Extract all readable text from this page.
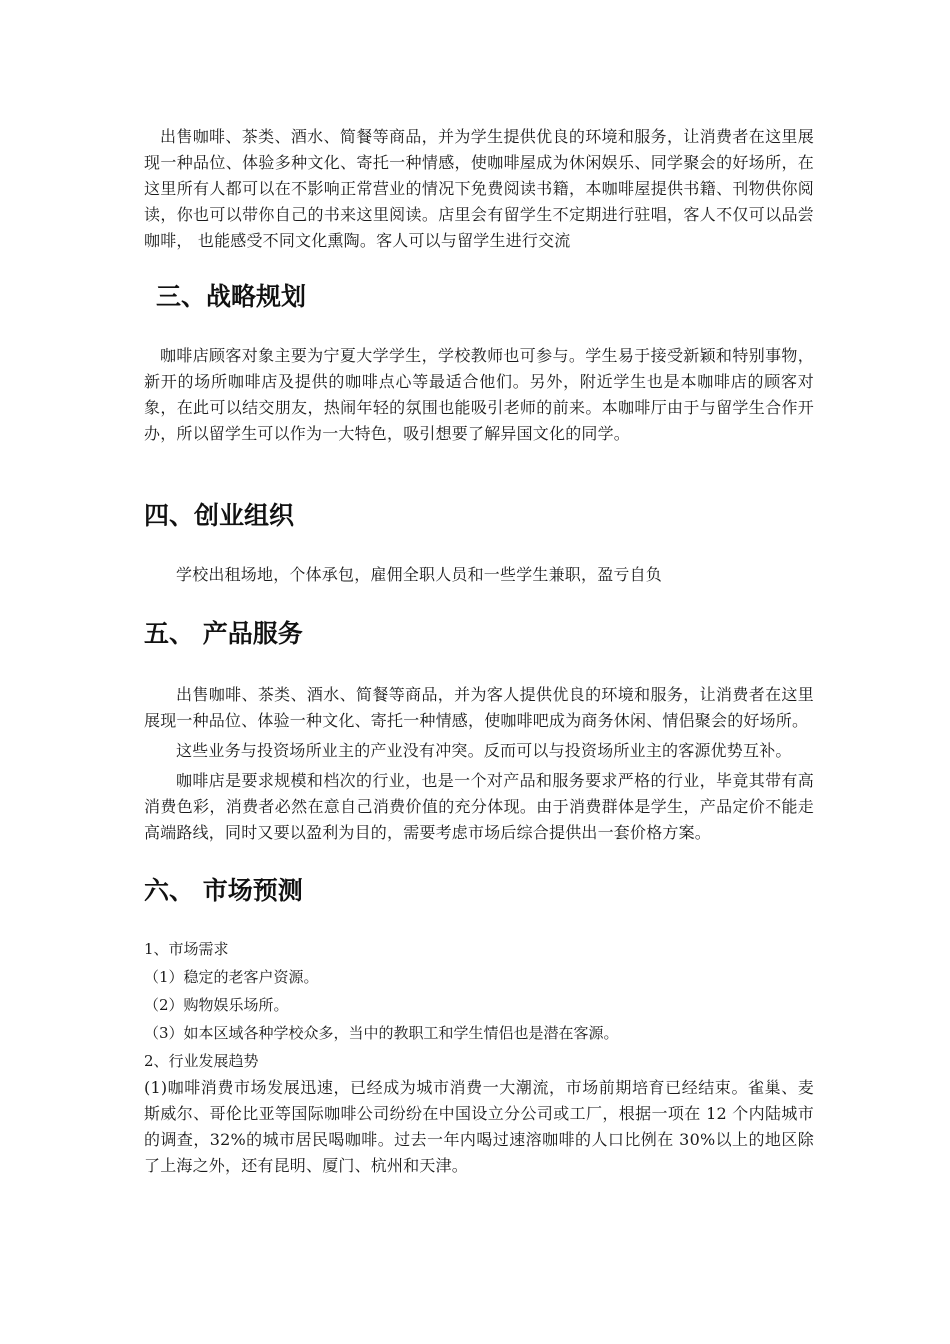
出售咖啡、茶类、酒水、简餐等商品，并为学生提供优良的环境和服务，让消费者在这里展现一种品位、体验多种文化、寄托一种情感，使咖啡屋成为休闲娱乐、同学聚会的好场所，在这里所有人都可以在不影响正常营业的情况下免费阅读书籍，本咖啡屋提供书籍、刊物供你阅读，你也可以带你自己的书来这里阅读。店里会有留学生不定期进行驻唱，客人不仅可以品尝咖啡， 也能感受不同文化熏陶。客人可以与留学生进行交流

三、战略规划

咖啡店顾客对象主要为宁夏大学学生，学校教师也可参与。学生易于接受新颖和特别事物，新开的场所咖啡店及提供的咖啡点心等最适合他们。另外，附近学生也是本咖啡店的顾客对象，在此可以结交朋友，热闹年轻的氛围也能吸引老师的前来。本咖啡厅由于与留学生合作开办，所以留学生可以作为一大特色，吸引想要了解异国文化的同学。

四、创业组织

学校出租场地，个体承包，雇佣全职人员和一些学生兼职，盈亏自负

五、 产品服务

出售咖啡、茶类、酒水、简餐等商品，并为客人提供优良的环境和服务，让消费者在这里展现一种品位、体验一种文化、寄托一种情感，使咖啡吧成为商务休闲、情侣聚会的好场所。

这些业务与投资场所业主的产业没有冲突。反而可以与投资场所业主的客源优势互补。

咖啡店是要求规模和档次的行业，也是一个对产品和服务要求严格的行业，毕竟其带有高消费色彩，消费者必然在意自己消费价值的充分体现。由于消费群体是学生，产品定价不能走高端路线，同时又要以盈利为目的，需要考虑市场后综合提供出一套价格方案。

六、 市场预测

1、市场需求

（1）稳定的老客户资源。

（2）购物娱乐场所。

（3）如本区域各种学校众多，当中的教职工和学生情侣也是潜在客源。

2、行业发展趋势

(1)咖啡消费市场发展迅速，已经成为城市消费一大潮流，市场前期培育已经结束。雀巢、麦斯威尔、哥伦比亚等国际咖啡公司纷纷在中国设立分公司或工厂，根据一项在 12 个内陆城市的调查，32%的城市居民喝咖啡。过去一年内喝过速溶咖啡的人口比例在 30%以上的地区除了上海之外，还有昆明、厦门、杭州和天津。
